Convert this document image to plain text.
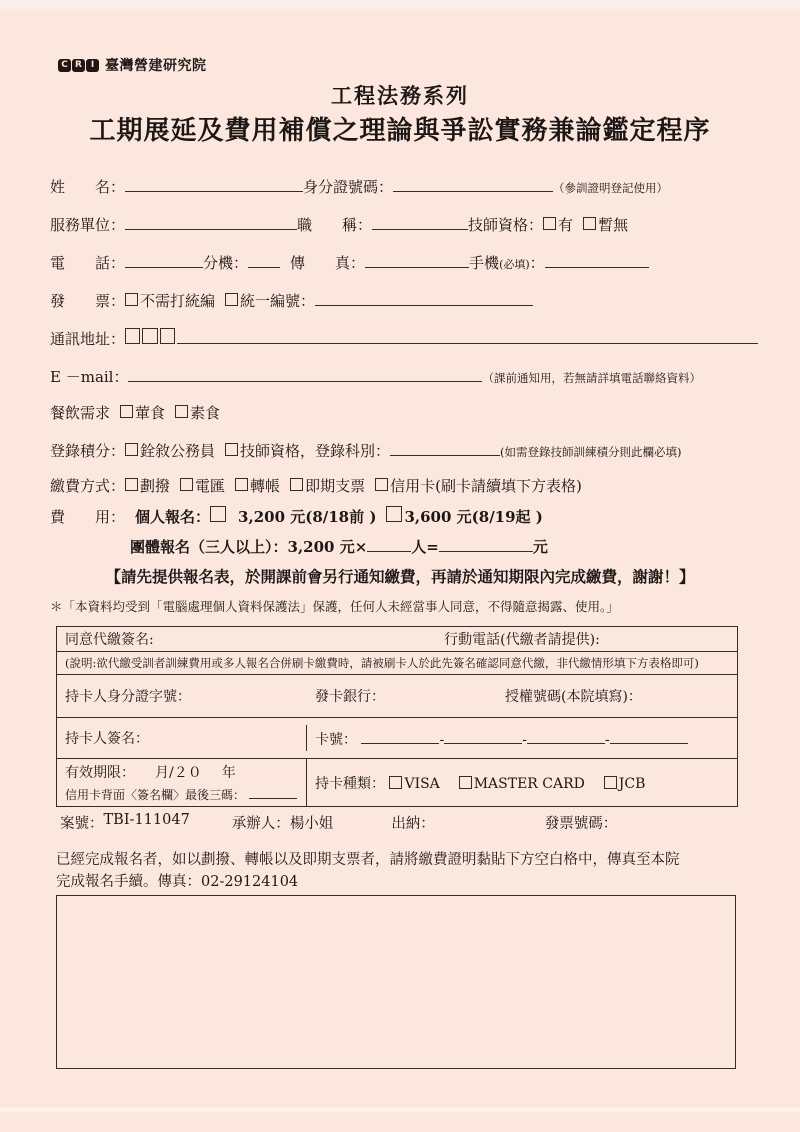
C R I 臺灣營建研究院
工程法務系列
工期展延及費用補償之理論與爭訟實務兼論鑑定程序
姓　　名：	身分證號碼：	（參訓證明登記使用）
服務單位：	職　　稱：	技師資格： 有 暫無
電　　話：	分機：	傳　　真：	手機 (必填) ：
發　　票： 不需打統編 統一編號：
通訊地址：
E －mail：	（課前通知用，若無請詳填電話聯絡資料）
餐飲需求 葷食 素食
登錄積分： 銓敘公務員 技師資格，登錄科別：	(如需登錄技師訓練積分則此欄必填)
繳費方式： 劃撥 電匯 轉帳 即期支票 信用卡 (刷卡請續填下方表格)
費　　用： 個人報名： 3,200 元 (8/18前 ) 3,600 元 (8/19起 )
團體報名（三人以上）：3,200 元×	人=	元
【請先提供報名表，於開課前會另行通知繳費，再請於通知期限內完成繳費，謝謝！】
＊「本資料均受到「電腦處理個人資料保護法」保護，任何人未經當事人同意，不得隨意揭露、使用。」
同意代繳簽名:	行動電話(代繳者請提供):
(說明:欲代繳受訓者訓練費用或多人報名合併刷卡繳費時，請被刷卡人於此先簽名確認同意代繳，非代繳情形填下方表格即可)
持卡人身分證字號：	發卡銀行：	授權號碼(本院填寫)：
持卡人簽名：	卡號：	-	-	-
有效期限： 月/２０ 年
信用卡背面〈簽名欄〉最後三碼：
持卡種類： VISA MASTER CARD JCB
案號： TBI-111047	承辦人： 楊小姐	出納：	發票號碼：
已經完成報名者，如以劃撥、轉帳以及即期支票者，請將繳費證明黏貼下方空白格中，傳真至本院
完成報名手續。傳真：02-29124104
